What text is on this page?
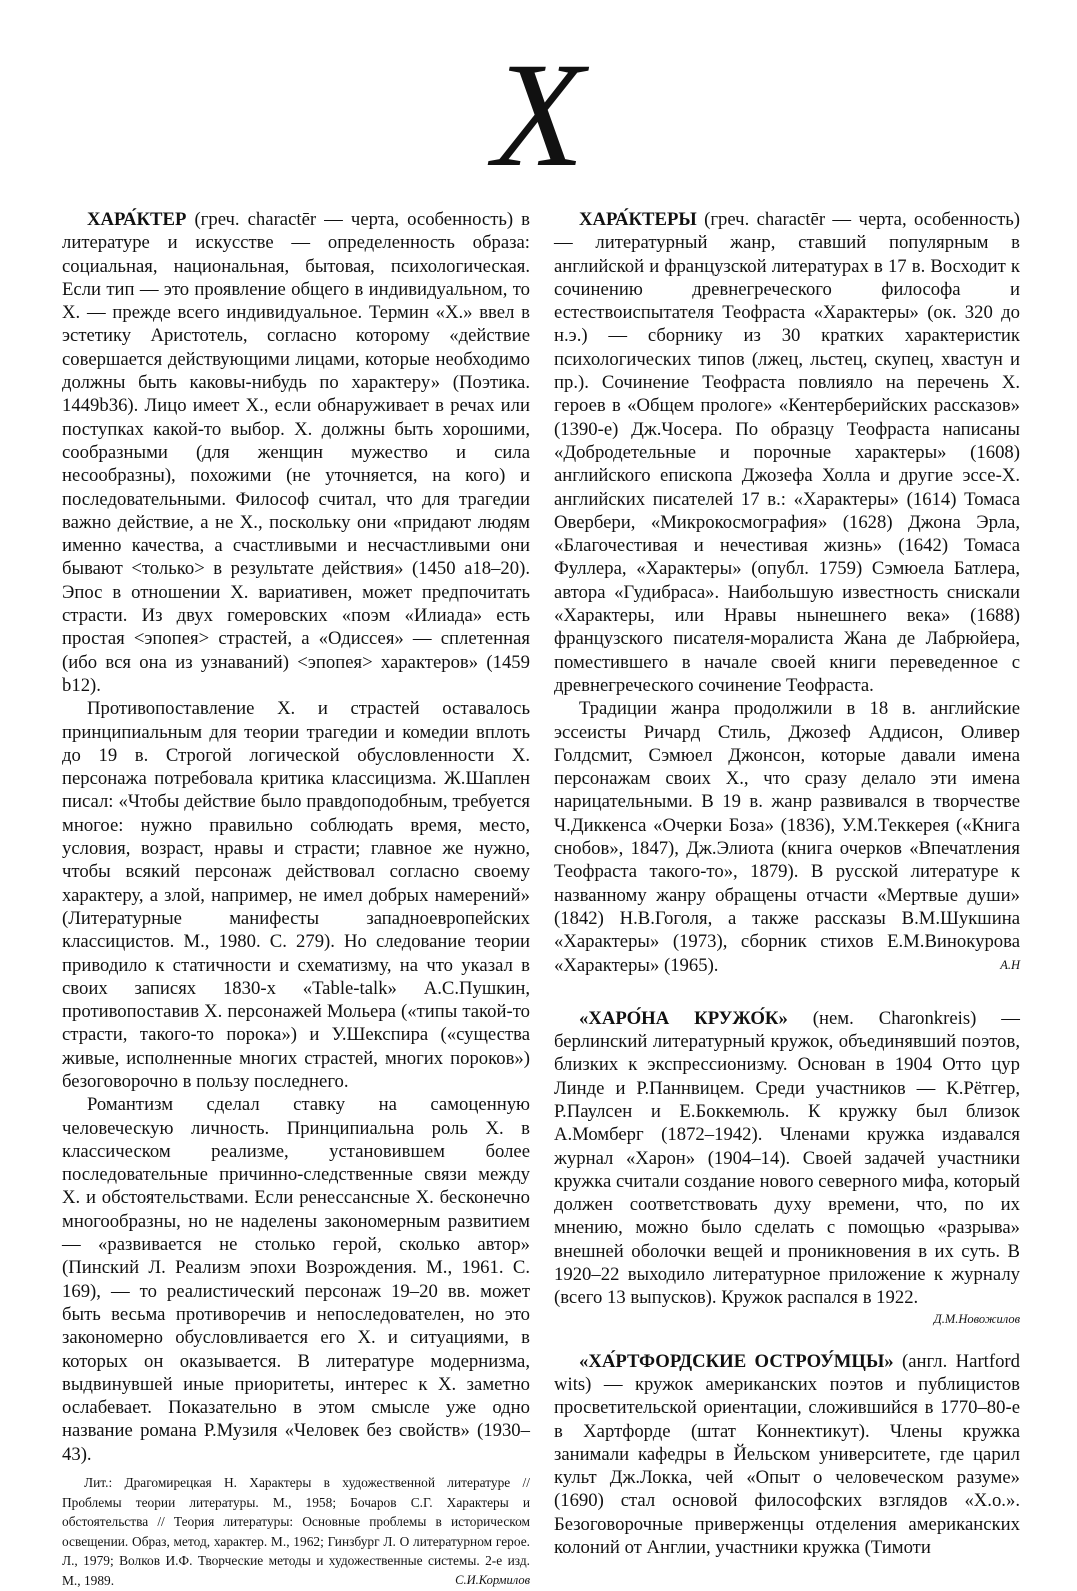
X

ХАРА́КТЕР (греч. charactēr — черта, особенность) в литературе и искусстве — определенность образа: социальная, национальная, бытовая, психологическая. Если тип — это проявление общего в индивидуальном, то Х. — прежде всего индивидуальное. Термин «Х.» ввел в эстетику Аристотель, согласно которому «действие совершается действующими лицами, которые необходимо должны быть каковы-нибудь по характеру» (Поэтика. 1449b36). Лицо имеет Х., если обнаруживает в речах или поступках какой-то выбор. Х. должны быть хорошими, сообразными (для женщин мужество и сила несообразны), похожими (не уточняется, на кого) и последовательными. Философ считал, что для трагедии важно действие, а не Х., поскольку они «придают людям именно качества, а счастливыми и несчастливыми они бывают <только> в результате действия» (1450 a18–20). Эпос в отношении Х. вариативен, может предпочитать страсти. Из двух гомеровских «поэм «Илиада» есть простая <эпопея> страстей, а «Одиссея» — сплетенная (ибо вся она из узнаваний) <эпопея> характеров» (1459 b12).

Противопоставление Х. и страстей оставалось принципиальным для теории трагедии и комедии вплоть до 19 в. Строгой логической обусловленности Х. персонажа потребовала критика классицизма. Ж.Шаплен писал: «Чтобы действие было правдоподобным, требуется многое: нужно правильно соблюдать время, место, условия, возраст, нравы и страсти; главное же нужно, чтобы всякий персонаж действовал согласно своему характеру, а злой, например, не имел добрых намерений» (Литературные манифесты западноевропейских классицистов. М., 1980. С. 279). Но следование теории приводило к статичности и схематизму, на что указал в своих записях 1830-х «Table-talk» А.С.Пушкин, противопоставив Х. персонажей Мольера («типы такой-то страсти, такого-то порока») и У.Шекспира («существа живые, исполненные многих страстей, многих пороков») безоговорочно в пользу последнего.

Романтизм сделал ставку на самоценную человеческую личность. Принципиальна роль Х. в классическом реализме, установившем более последовательные причинно-следственные связи между Х. и обстоятельствами. Если ренессансные Х. бесконечно многообразны, но не наделены закономерным развитием — «развивается не столько герой, сколько автор» (Пинский Л. Реализм эпохи Возрождения. М., 1961. С. 169), — то реалистический персонаж 19–20 вв. может быть весьма противоречив и непоследователен, но это закономерно обусловливается его Х. и ситуациями, в которых он оказывается. В литературе модернизма, выдвинувшей иные приоритеты, интерес к Х. заметно ослабевает. Показательно в этом смысле уже одно название романа Р.Музиля «Человек без свойств» (1930–43).

Лит.: Драгомирецкая Н. Характеры в художественной литературе // Проблемы теории литературы. М., 1958; Бочаров С.Г. Характеры и обстоятельства // Теория литературы: Основные проблемы в историческом освещении. Образ, метод, характер. М., 1962; Гинзбург Л. О литературном герое. Л., 1979; Волков И.Ф. Творческие методы и художественные системы. 2-е изд. М., 1989.	С.И.Кормилов

ХАРА́КТЕРЫ (греч. charactēr — черта, особенность) — литературный жанр, ставший популярным в английской и французской литературах в 17 в. Восходит к сочинению древнегреческого философа и естествоиспытателя Теофраста «Характеры» (ок. 320 до н.э.) — сборнику из 30 кратких характеристик психологических типов (лжец, льстец, скупец, хвастун и пр.). Сочинение Теофраста повлияло на перечень Х. героев в «Общем прологе» «Кентерберийских рассказов» (1390-е) Дж.Чосера. По образцу Теофраста написаны «Добродетельные и порочные характеры» (1608) английского епископа Джозефа Холла и другие эссе-Х. английских писателей 17 в.: «Характеры» (1614) Томаса Овербери, «Микрокосмография» (1628) Джона Эрла, «Благочестивая и нечестивая жизнь» (1642) Томаса Фуллера, «Характеры» (опубл. 1759) Сэмюела Батлера, автора «Гудибраса». Наибольшую известность снискали «Характеры, или Нравы нынешнего века» (1688) французского писателя-моралиста Жана де Лабрюйера, поместившего в начале своей книги переведенное с древнегреческого сочинение Теофраста.

Традиции жанра продолжили в 18 в. английские эссеисты Ричард Стиль, Джозеф Аддисон, Оливер Голдсмит, Сэмюел Джонсон, которые давали имена персонажам своих Х., что сразу делало эти имена нарицательными. В 19 в. жанр развивался в творчестве Ч.Диккенса «Очерки Боза» (1836), У.М.Теккерея («Книга снобов», 1847), Дж.Элиота (книга очерков «Впечатления Теофраста такого-то», 1879). В русской литературе к названному жанру обращены отчасти «Мертвые души» (1842) Н.В.Гоголя, а также рассказы В.М.Шукшина «Характеры» (1973), сборник стихов Е.М.Винокурова «Характеры» (1965).	А.Н

«ХАРО́НА КРУЖО́К» (нем. Charonkreis) — берлинский литературный кружок, объединявший поэтов, близких к экспрессионизму. Основан в 1904 Отто цур Линде и Р.Паннвицем. Среди участников — К.Рётгер, Р.Паулсен и Е.Боккемюль. К кружку был близок А.Момберг (1872–1942). Членами кружка издавался журнал «Харон» (1904–14). Своей задачей участники кружка считали создание нового северного мифа, который должен соответствовать духу времени, что, по их мнению, можно было сделать с помощью «разрыва» внешней оболочки вещей и проникновения в их суть. В 1920–22 выходило литературное приложение к журналу (всего 13 выпусков). Кружок распался в 1922.

Д.М.Новожилов

«ХА́РТФОРДСКИЕ ОСТРОУ́МЦЫ» (англ. Hartford wits) — кружок американских поэтов и публицистов просветительской ориентации, сложившийся в 1770–80-е в Хартфорде (штат Коннектикут). Члены кружка занимали кафедры в Йельском университете, где царил культ Дж.Локка, чей «Опыт о человеческом разуме» (1690) стал основой философских взглядов «Х.о.». Безоговорочные приверженцы отделения американских колоний от Англии, участники кружка (Тимоти
